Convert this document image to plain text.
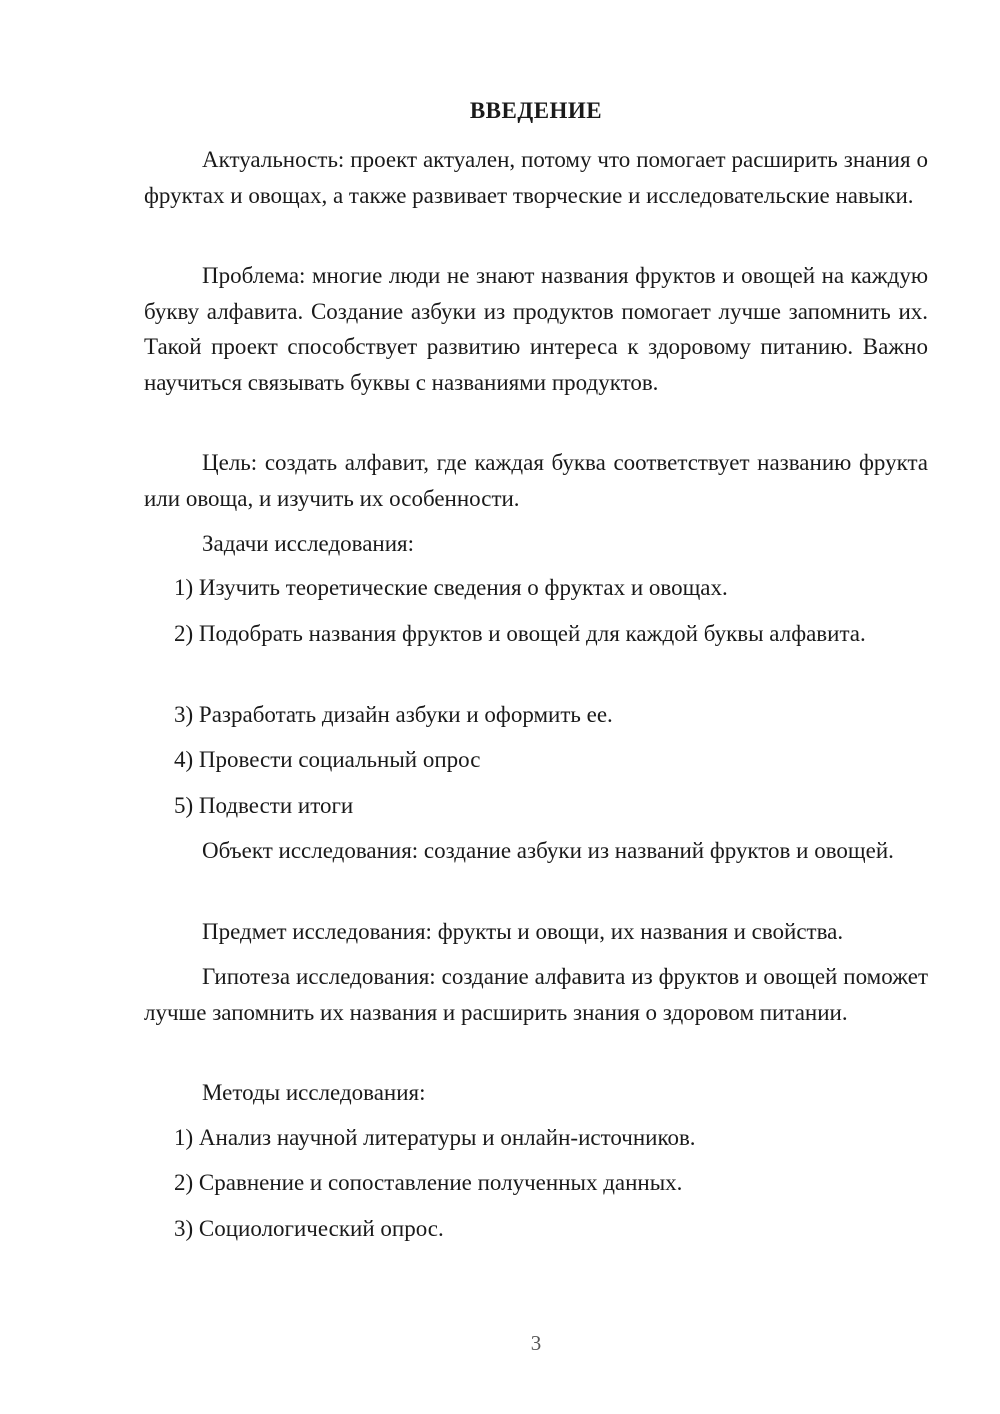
ВВЕДЕНИЕ

Актуальность: проект актуален, потому что помогает расширить знания о фруктах и овощах, а также развивает творческие и исследовательские навыки.

Проблема: многие люди не знают названия фруктов и овощей на каждую букву алфавита. Создание азбуки из продуктов помогает лучше запомнить их. Такой проект способствует развитию интереса к здоровому питанию. Важно научиться связывать буквы с названиями продуктов.

Цель: создать алфавит, где каждая буква соответствует названию фрукта или овоща, и изучить их особенности.

Задачи исследования:

1) Изучить теоретические сведения о фруктах и овощах.

2) Подобрать названия фруктов и овощей для каждой буквы алфавита.

3) Разработать дизайн азбуки и оформить ее.

4) Провести социальный опрос

5) Подвести итоги

Объект исследования: создание азбуки из названий фруктов и овощей.

Предмет исследования: фрукты и овощи, их названия и свойства.

Гипотеза исследования: создание алфавита из фруктов и овощей поможет лучше запомнить их названия и расширить знания о здоровом питании.

Методы исследования:

1) Анализ научной литературы и онлайн-источников.

2) Сравнение и сопоставление полученных данных.

3) Социологический опрос.

3
